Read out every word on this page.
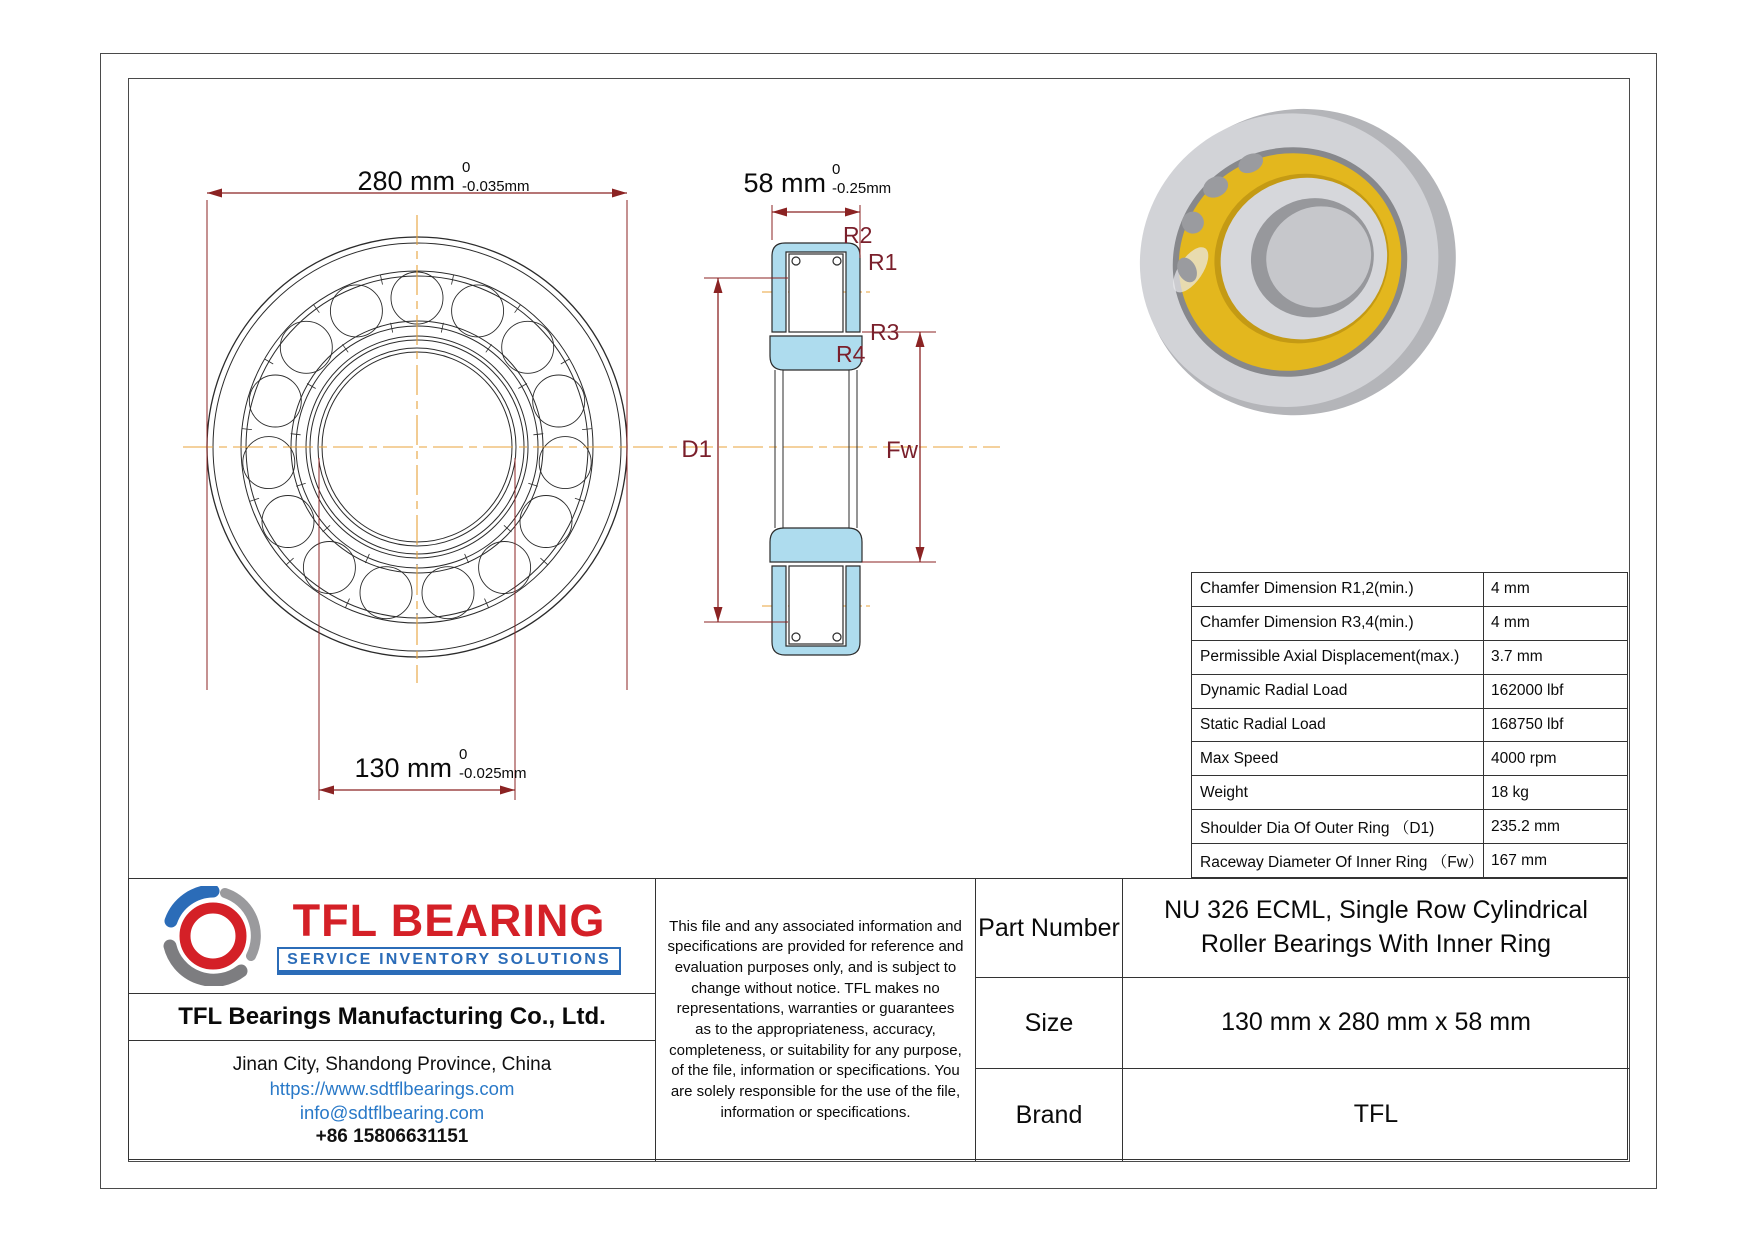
280 mm 0
-0.035mm
130 mm 0
-0.025mm
58 mm 0
-0.25mm
R2
R1
R3
R4
D1	Fw
Chamfer Dimension R1,2(min.)	4 mm
Chamfer Dimension R3,4(min.)	4 mm
Permissible Axial Displacement(max.)	3.7 mm
Dynamic Radial Load	162000 lbf
Static Radial Load	168750 lbf
Max Speed	4000 rpm
Weight	18 kg
Shoulder Dia Of Outer Ring （D1)	235.2 mm
Raceway Diameter Of Inner Ring （Fw） 167 mm
TFL BEARING
SERVICE INVENTORY SOLUTIONS
TFL Bearings Manufacturing Co., Ltd.
Jinan City, Shandong Province, China
https://www.sdtflbearings.com
info@sdtflbearing.com
+86 15806631151
This file and any associated information and specifications are provided for reference and evaluation purposes only, and is subject to change without notice. TFL makes no representations, warranties or guarantees as to the appropriateness, accuracy, completeness, or suitability for any purpose, of the file, information or specifications. You are solely responsible for the use of the file, information or specifications.
Part Number
NU 326 ECML, Single Row Cylindrical Roller Bearings With Inner Ring
Size	130 mm x 280 mm x 58 mm
Brand	TFL
